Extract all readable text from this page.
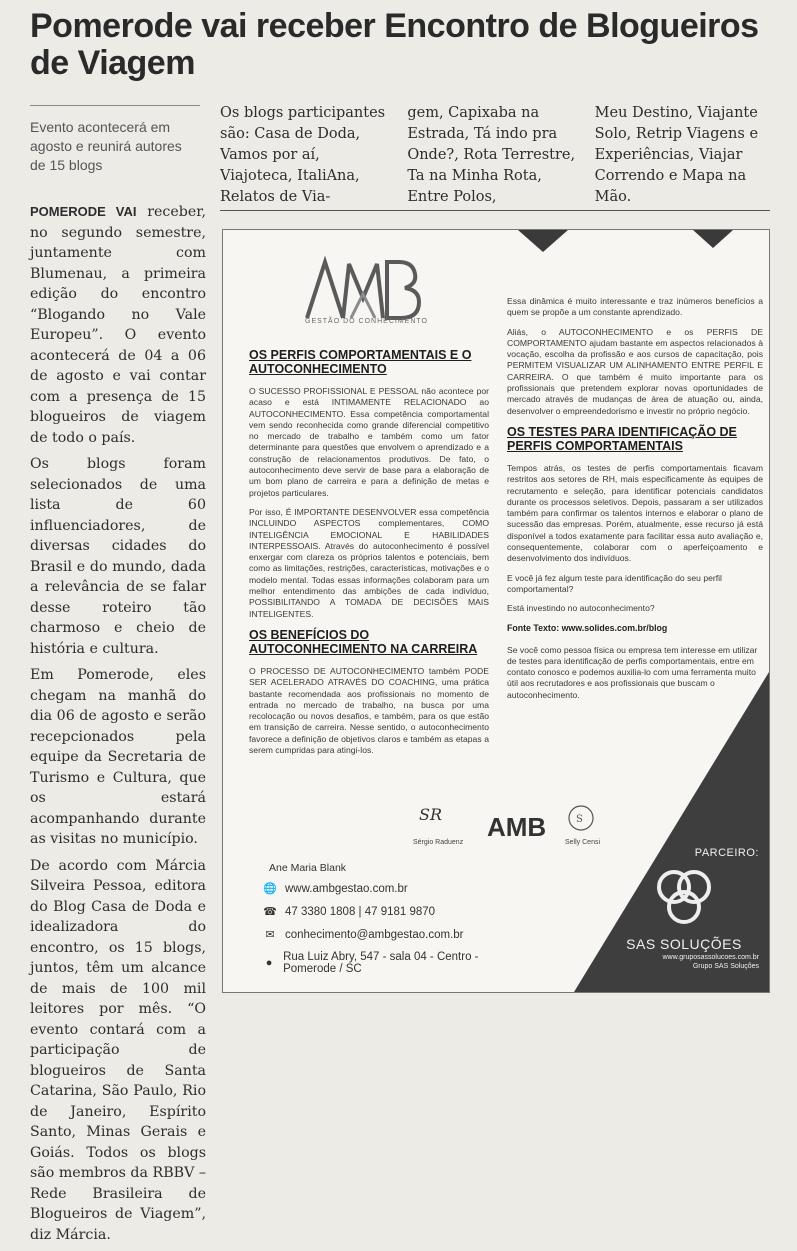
Pomerode vai receber Encontro de Blogueiros de Viagem

Evento acontecerá em agosto e reunirá autores de 15 blogs

Os blogs participantes são: Casa de Doda, Vamos por aí, Viajoteca, ItaliAna, Relatos de Via-

gem, Capixaba na Estrada, Tá indo pra Onde?, Rota Terrestre, Ta na Minha Rota, Entre Polos,

Meu Destino, Viajante Solo, Retrip Viagens e Experiências, Viajar Correndo e Mapa na Mão.

POMERODE VAI receber, no segundo semestre, juntamente com Blumenau, a primeira edição do encontro “Blogando no Vale Europeu”. O evento acontecerá de 04 a 06 de agosto e vai contar com a presença de 15 blogueiros de viagem de todo o país.

Os blogs foram selecionados de uma lista de 60 influenciadores, de diversas cidades do Brasil e do mundo, dada a relevância de se falar desse roteiro tão charmoso e cheio de história e cultura.

Em Pomerode, eles chegam na manhã do dia 06 de agosto e serão recepcionados pela equipe da Secretaria de Turismo e Cultura, que os estará acompanhando durante as visitas no município.

De acordo com Márcia Silveira Pessoa, editora do Blog Casa de Doda e idealizadora do encontro, os 15 blogs, juntos, têm um alcance de mais de 100 mil leitores por mês. “O evento contará com a participação de blogueiros de Santa Catarina, São Paulo, Rio de Janeiro, Espírito Santo, Minas Gerais e Goiás. Todos os blogs são membros da RBBV – Rede Brasileira de Blogueiros de Viagem”, diz Márcia.

GESTÃO DO CONHECIMENTO
OS PERFIS COMPORTAMENTAIS E O AUTOCONHECIMENTO

O SUCESSO PROFISSIONAL E PESSOAL não acontece por acaso e está INTIMAMENTE RELACIONADO ao AUTOCONHECIMENTO. Essa competência comportamental vem sendo reconhecida como grande diferencial competitivo no mercado de trabalho e também como um fator determinante para questões que envolvem o aprendizado e a construção de relacionamentos produtivos. De fato, o autoconhecimento deve servir de base para a elaboração de um bom plano de carreira e para a definição de metas e projetos particulares.

Por isso, É IMPORTANTE DESENVOLVER essa competência INCLUINDO ASPECTOS complementares, COMO INTELIGÊNCIA EMOCIONAL E HABILIDADES INTERPESSOAIS. Através do autoconhecimento é possível enxergar com clareza os próprios talentos e potenciais, bem como as limitações, restrições, características, motivações e o modelo mental. Todas essas informações colaboram para um melhor entendimento das ambições de cada indivíduo, POSSIBILITANDO A TOMADA DE DECISÕES MAIS INTELIGENTES.

OS BENEFÍCIOS DO AUTOCONHECIMENTO NA CARREIRA

O PROCESSO DE AUTOCONHECIMENTO também PODE SER ACELERADO ATRAVÉS DO COACHING, uma prática bastante recomendada aos profissionais no momento de entrada no mercado de trabalho, na busca por uma recolocação ou novos desafios, e também, para os que estão em transição de carreira. Nesse sentido, o autoconhecimento favorece a definição de objetivos claros e também as etapas a serem cumpridas para atingi-los.

Essa dinâmica é muito interessante e traz inúmeros benefícios a quem se propõe a um constante aprendizado.

Aliás, o AUTOCONHECIMENTO e os PERFIS DE COMPORTAMENTO ajudam bastante em aspectos relacionados à vocação, escolha da profissão e aos cursos de capacitação, pois PERMITEM VISUALIZAR UM ALINHAMENTO ENTRE PERFIL E CARREIRA. O que também é muito importante para os profissionais que pretendem explorar novas oportunidades de mercado através de mudanças de área de atuação ou, ainda, desenvolver o empreendedorismo e investir no próprio negócio.

OS TESTES PARA IDENTIFICAÇÃO DE PERFIS COMPORTAMENTAIS

Tempos atrás, os testes de perfis comportamentais ficavam restritos aos setores de RH, mais especificamente às equipes de recrutamento e seleção, para identificar potenciais candidatos durante os processos seletivos. Depois, passaram a ser utilizados também para confirmar os talentos internos e elaborar o plano de sucessão das empresas. Porém, atualmente, esse recurso já está disponível a todos exatamente para facilitar essa auto avaliação e, consequentemente, colaborar com o aperfeiçoamento e desenvolvimento dos indivíduos.

E você já fez algum teste para identificação do seu perfil comportamental?

Está investindo no autoconhecimento?

Fonte Texto: www.solides.com.br/blog

Se você como pessoa física ou empresa tem interesse em utilizar de testes para identificação de perfis comportamentais, entre em contato conosco e podemos auxilia-lo com uma ferramenta muito útil aos recrutadores e aos profissionais que buscam o autoconhecimento.

SR
Sérgio Raduenz
AMB	S
Selly Censi
Ane Maria Blank
🌐 www.ambgestao.com.br
☎ 47 3380 1808 | 47 9181 9870
✉ conhecimento@ambgestao.com.br
● Rua Luiz Abry, 547 - sala 04 - Centro - Pomerode / SC
PARCEIRO:
SAS SOLUÇÕES
www.gruposassolucoes.com.br
Grupo SAS Soluções
